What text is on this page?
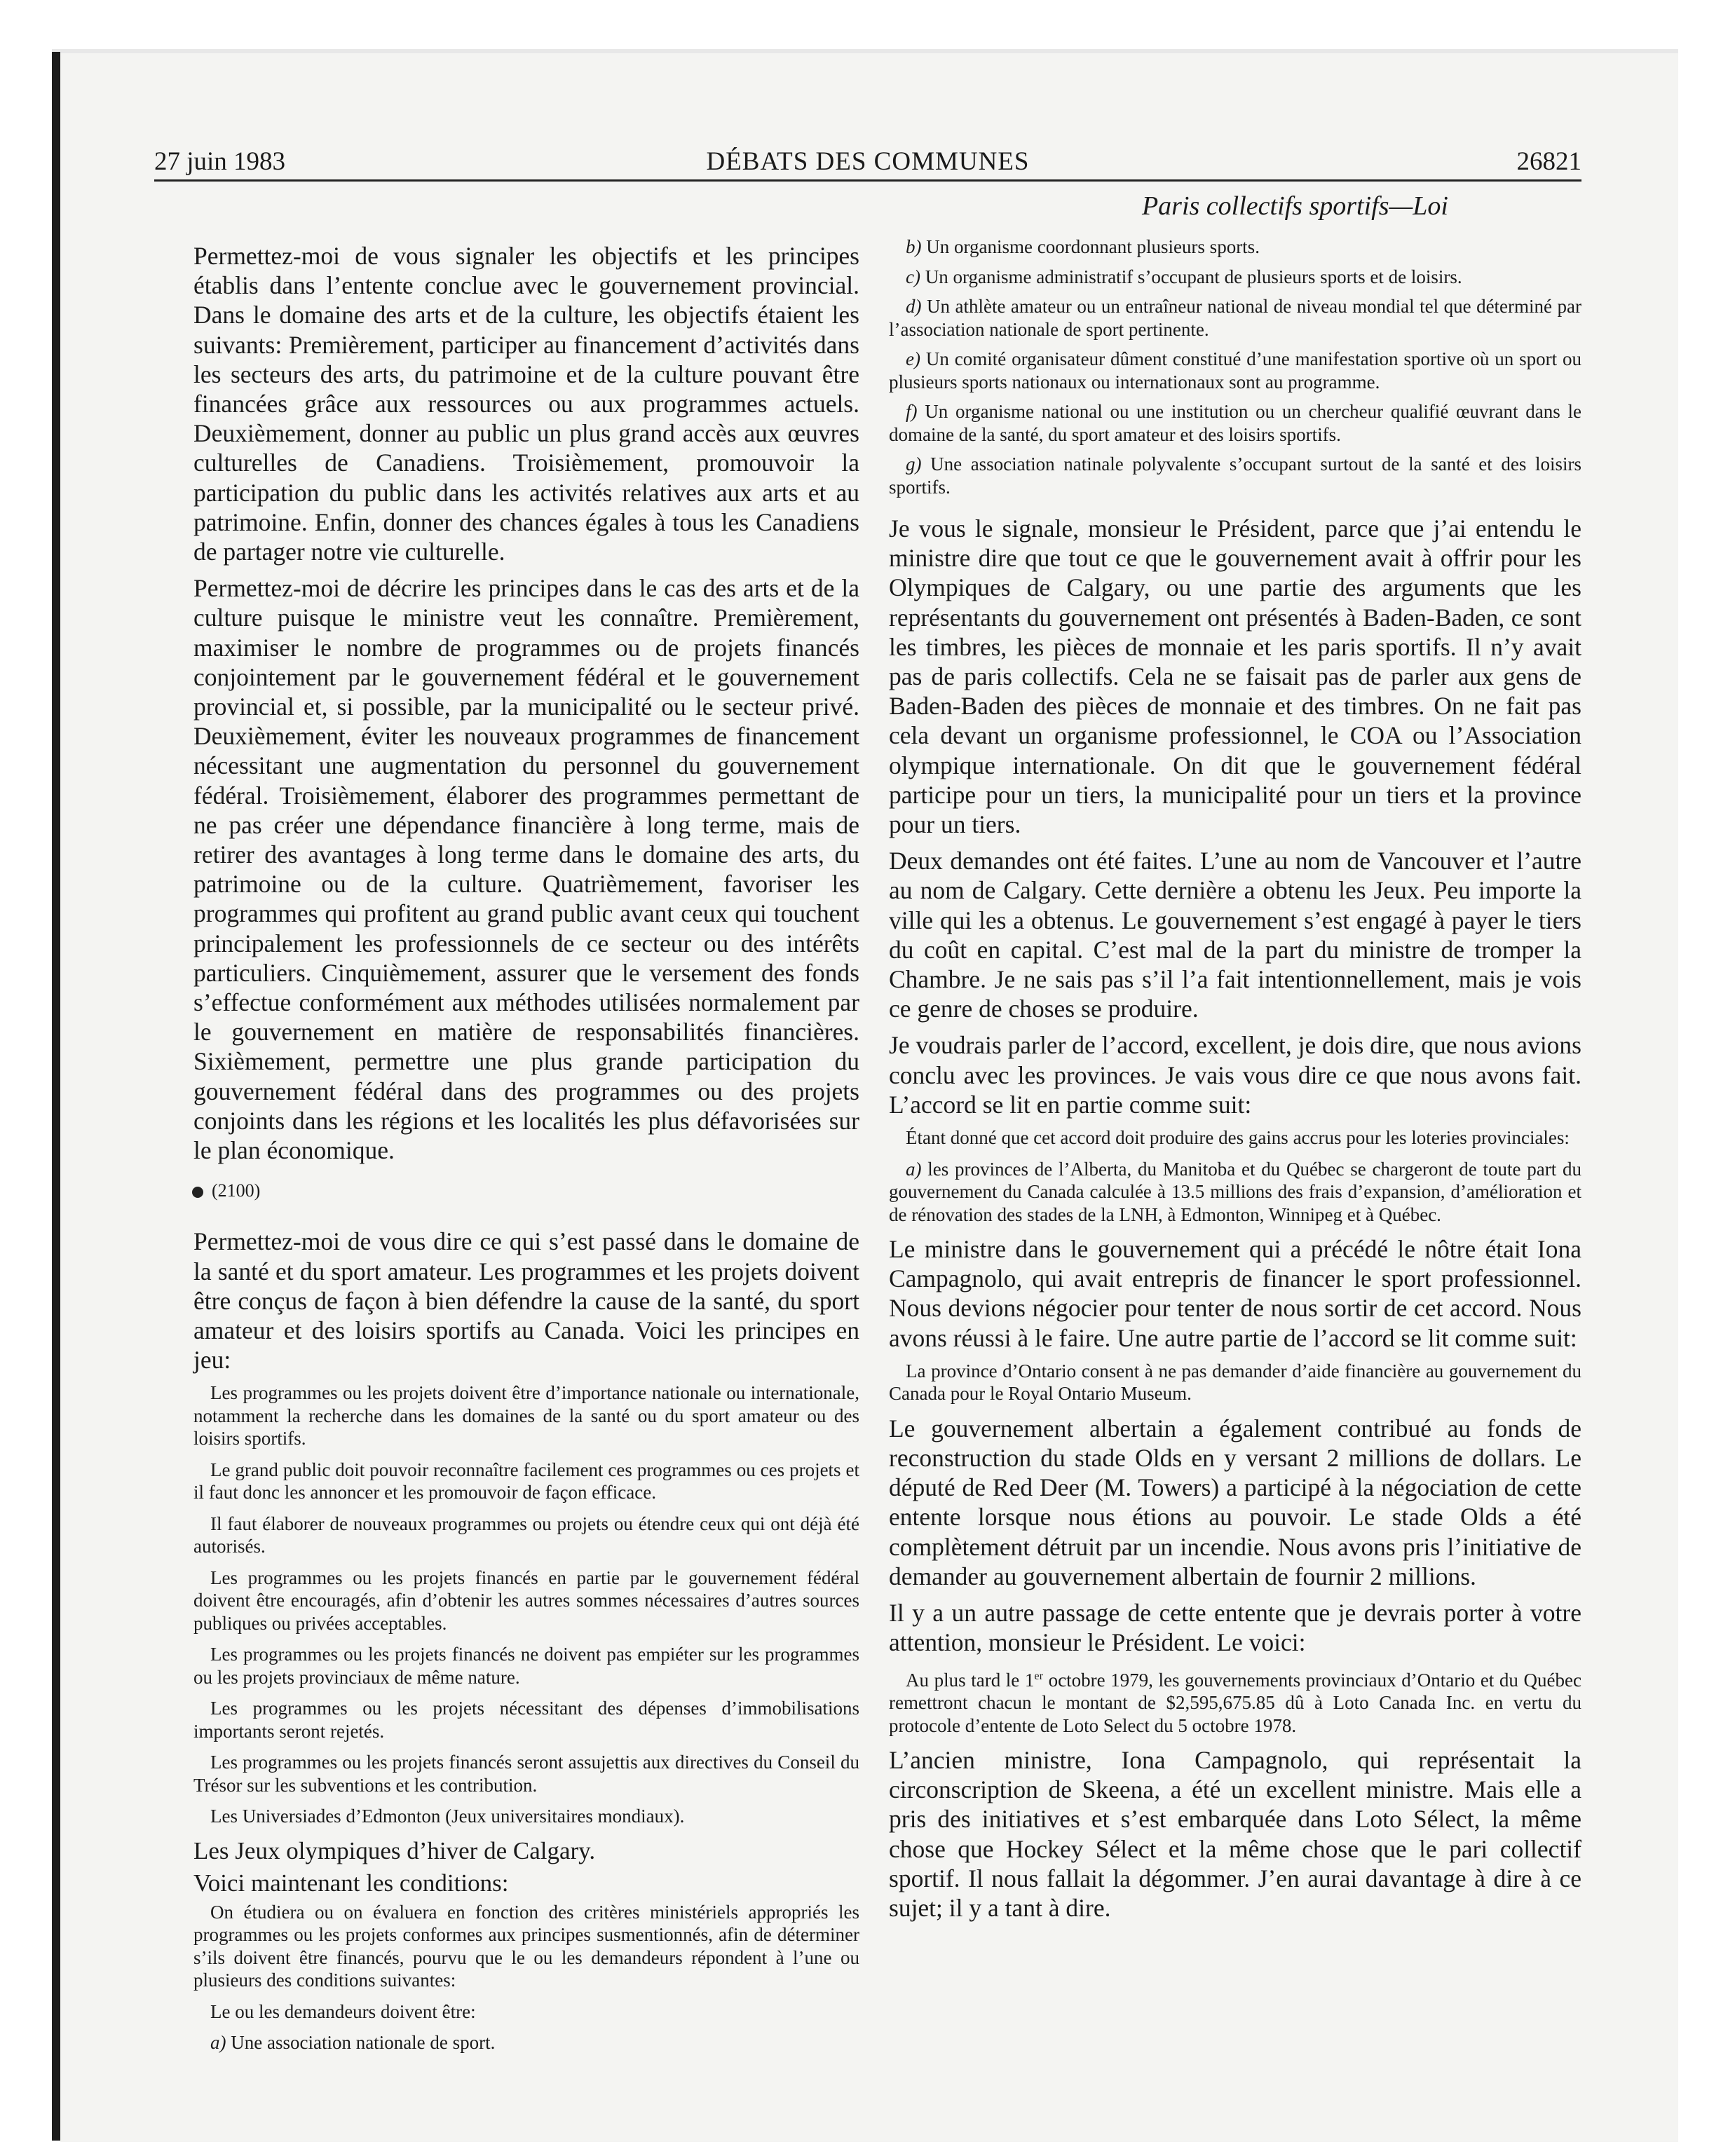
27 juin 1983	DÉBATS DES COMMUNES	26821
Paris collectifs sportifs—Loi

Permettez-moi de vous signaler les objectifs et les principes établis dans l’entente conclue avec le gouvernement provincial. Dans le domaine des arts et de la culture, les objectifs étaient les suivants: Premièrement, participer au financement d’activités dans les secteurs des arts, du patrimoine et de la culture pouvant être financées grâce aux ressources ou aux programmes actuels. Deuxièmement, donner au public un plus grand accès aux œuvres culturelles de Canadiens. Troisièmement, promouvoir la participation du public dans les activités relatives aux arts et au patrimoine. Enfin, donner des chances égales à tous les Canadiens de partager notre vie culturelle.

Permettez-moi de décrire les principes dans le cas des arts et de la culture puisque le ministre veut les connaître. Premièrement, maximiser le nombre de programmes ou de projets financés conjointement par le gouvernement fédéral et le gouvernement provincial et, si possible, par la municipalité ou le secteur privé. Deuxièmement, éviter les nouveaux programmes de financement nécessitant une augmentation du personnel du gouvernement fédéral. Troisièmement, élaborer des programmes permettant de ne pas créer une dépendance financière à long terme, mais de retirer des avantages à long terme dans le domaine des arts, du patrimoine ou de la culture. Quatrièmement, favoriser les programmes qui profitent au grand public avant ceux qui touchent principalement les professionnels de ce secteur ou des intérêts particuliers. Cinquièmement, assurer que le versement des fonds s’effectue conformément aux méthodes utilisées normalement par le gouvernement en matière de responsabilités financières. Sixièmement, permettre une plus grande participation du gouvernement fédéral dans des programmes ou des projets conjoints dans les régions et les localités les plus défavorisées sur le plan économique.

(2100)

Permettez-moi de vous dire ce qui s’est passé dans le domaine de la santé et du sport amateur. Les programmes et les projets doivent être conçus de façon à bien défendre la cause de la santé, du sport amateur et des loisirs sportifs au Canada. Voici les principes en jeu:

Les programmes ou les projets doivent être d’importance nationale ou internationale, notamment la recherche dans les domaines de la santé ou du sport amateur ou des loisirs sportifs.

Le grand public doit pouvoir reconnaître facilement ces programmes ou ces projets et il faut donc les annoncer et les promouvoir de façon efficace.

Il faut élaborer de nouveaux programmes ou projets ou étendre ceux qui ont déjà été autorisés.

Les programmes ou les projets financés en partie par le gouvernement fédéral doivent être encouragés, afin d’obtenir les autres sommes nécessaires d’autres sources publiques ou privées acceptables.

Les programmes ou les projets financés ne doivent pas empiéter sur les programmes ou les projets provinciaux de même nature.

Les programmes ou les projets nécessitant des dépenses d’immobilisations importants seront rejetés.

Les programmes ou les projets financés seront assujettis aux directives du Conseil du Trésor sur les subventions et les contribution.

Les Universiades d’Edmonton (Jeux universitaires mondiaux).

Les Jeux olympiques d’hiver de Calgary.

Voici maintenant les conditions:

On étudiera ou on évaluera en fonction des critères ministériels appropriés les programmes ou les projets conformes aux principes susmentionnés, afin de déterminer s’ils doivent être financés, pourvu que le ou les demandeurs répondent à l’une ou plusieurs des conditions suivantes:

Le ou les demandeurs doivent être:

a) Une association nationale de sport.

b) Un organisme coordonnant plusieurs sports.

c) Un organisme administratif s’occupant de plusieurs sports et de loisirs.

d) Un athlète amateur ou un entraîneur national de niveau mondial tel que déterminé par l’association nationale de sport pertinente.

e) Un comité organisateur dûment constitué d’une manifestation sportive où un sport ou plusieurs sports nationaux ou internationaux sont au programme.

f) Un organisme national ou une institution ou un chercheur qualifié œuvrant dans le domaine de la santé, du sport amateur et des loisirs sportifs.

g) Une association natinale polyvalente s’occupant surtout de la santé et des loisirs sportifs.

Je vous le signale, monsieur le Président, parce que j’ai entendu le ministre dire que tout ce que le gouvernement avait à offrir pour les Olympiques de Calgary, ou une partie des arguments que les représentants du gouvernement ont présentés à Baden-Baden, ce sont les timbres, les pièces de monnaie et les paris sportifs. Il n’y avait pas de paris collectifs. Cela ne se faisait pas de parler aux gens de Baden-Baden des pièces de monnaie et des timbres. On ne fait pas cela devant un organisme professionnel, le COA ou l’Association olympique internationale. On dit que le gouvernement fédéral participe pour un tiers, la municipalité pour un tiers et la province pour un tiers.

Deux demandes ont été faites. L’une au nom de Vancouver et l’autre au nom de Calgary. Cette dernière a obtenu les Jeux. Peu importe la ville qui les a obtenus. Le gouvernement s’est engagé à payer le tiers du coût en capital. C’est mal de la part du ministre de tromper la Chambre. Je ne sais pas s’il l’a fait intentionnellement, mais je vois ce genre de choses se produire.

Je voudrais parler de l’accord, excellent, je dois dire, que nous avions conclu avec les provinces. Je vais vous dire ce que nous avons fait. L’accord se lit en partie comme suit:

Étant donné que cet accord doit produire des gains accrus pour les loteries provinciales:

a) les provinces de l’Alberta, du Manitoba et du Québec se chargeront de toute part du gouvernement du Canada calculée à 13.5 millions des frais d’expansion, d’amélioration et de rénovation des stades de la LNH, à Edmonton, Winnipeg et à Québec.

Le ministre dans le gouvernement qui a précédé le nôtre était Iona Campagnolo, qui avait entrepris de financer le sport professionnel. Nous devions négocier pour tenter de nous sortir de cet accord. Nous avons réussi à le faire. Une autre partie de l’accord se lit comme suit:

La province d’Ontario consent à ne pas demander d’aide financière au gouvernement du Canada pour le Royal Ontario Museum.

Le gouvernement albertain a également contribué au fonds de reconstruction du stade Olds en y versant 2 millions de dollars. Le député de Red Deer (M. Towers) a participé à la négociation de cette entente lorsque nous étions au pouvoir. Le stade Olds a été complètement détruit par un incendie. Nous avons pris l’initiative de demander au gouvernement albertain de fournir 2 millions.

Il y a un autre passage de cette entente que je devrais porter à votre attention, monsieur le Président. Le voici:

Au plus tard le 1er octobre 1979, les gouvernements provinciaux d’Ontario et du Québec remettront chacun le montant de $2,595,675.85 dû à Loto Canada Inc. en vertu du protocole d’entente de Loto Select du 5 octobre 1978.

L’ancien ministre, Iona Campagnolo, qui représentait la circonscription de Skeena, a été un excellent ministre. Mais elle a pris des initiatives et s’est embarquée dans Loto Sélect, la même chose que Hockey Sélect et la même chose que le pari collectif sportif. Il nous fallait la dégommer. J’en aurai davantage à dire à ce sujet; il y a tant à dire.
